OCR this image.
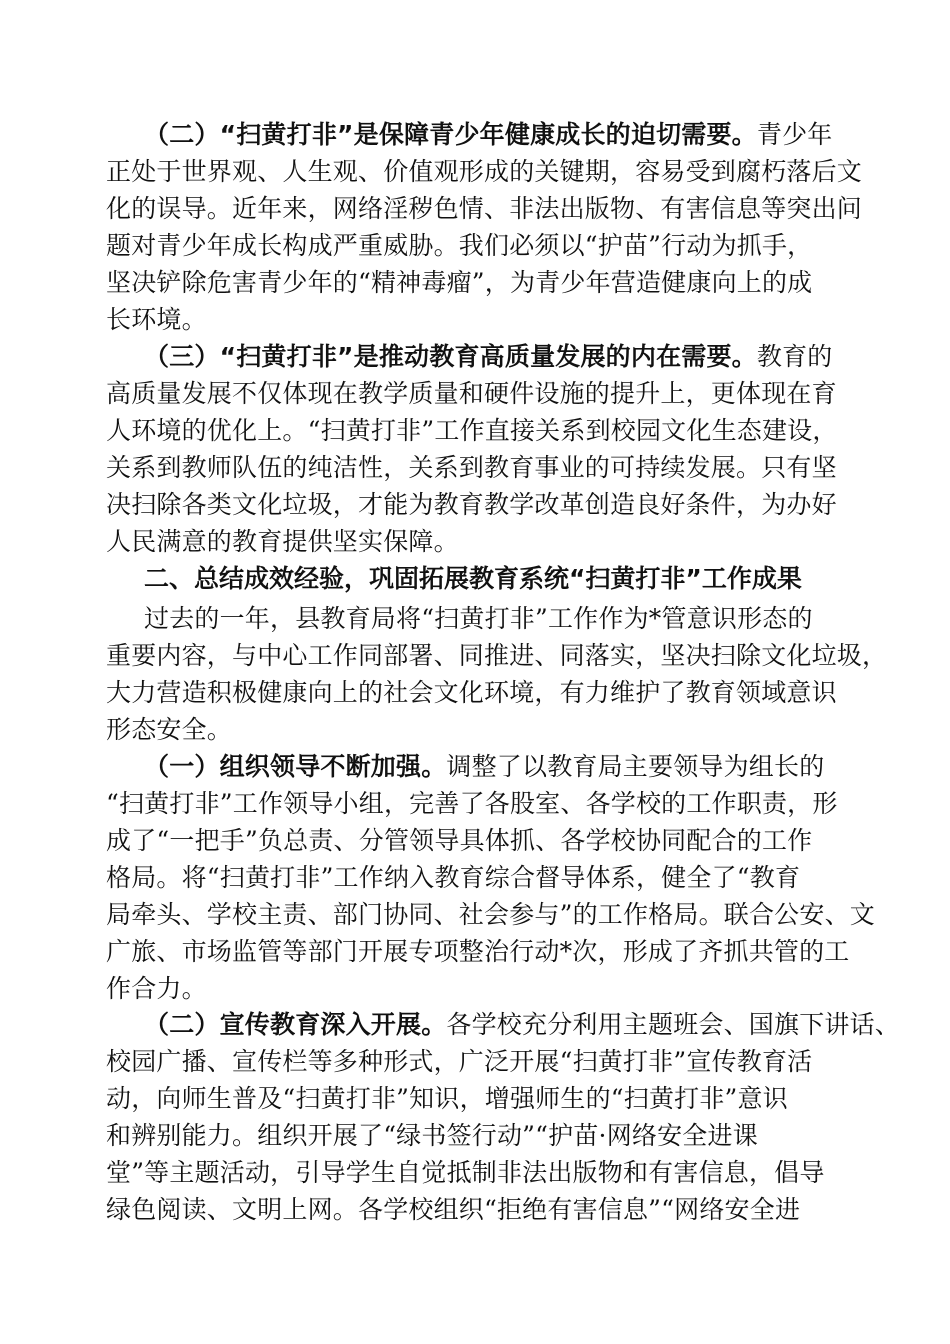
（二）“扫黄打非”是保障青少年健康成长的迫切需要。青少年
正处于世界观、人生观、价值观形成的关键期，容易受到腐朽落后文
化的误导。近年来，网络淫秽色情、非法出版物、有害信息等突出问
题对青少年成长构成严重威胁。我们必须以“护苗”行动为抓手，
坚决铲除危害青少年的“精神毒瘤”，为青少年营造健康向上的成
长环境。
（三）“扫黄打非”是推动教育高质量发展的内在需要。教育的
高质量发展不仅体现在教学质量和硬件设施的提升上，更体现在育
人环境的优化上。“扫黄打非”工作直接关系到校园文化生态建设，
关系到教师队伍的纯洁性，关系到教育事业的可持续发展。只有坚
决扫除各类文化垃圾，才能为教育教学改革创造良好条件，为办好
人民满意的教育提供坚实保障。
二、总结成效经验，巩固拓展教育系统“扫黄打非”工作成果
过去的一年，县教育局将“扫黄打非”工作作为*管意识形态的
重要内容，与中心工作同部署、同推进、同落实，坚决扫除文化垃圾，
大力营造积极健康向上的社会文化环境，有力维护了教育领域意识
形态安全。
（一）组织领导不断加强。调整了以教育局主要领导为组长的
“扫黄打非”工作领导小组，完善了各股室、各学校的工作职责，形
成了“一把手”负总责、分管领导具体抓、各学校协同配合的工作
格局。将“扫黄打非”工作纳入教育综合督导体系，健全了“教育
局牵头、学校主责、部门协同、社会参与”的工作格局。联合公安、文
广旅、市场监管等部门开展专项整治行动*次，形成了齐抓共管的工
作合力。
（二）宣传教育深入开展。各学校充分利用主题班会、国旗下讲话、
校园广播、宣传栏等多种形式，广泛开展“扫黄打非”宣传教育活
动，向师生普及“扫黄打非”知识，增强师生的“扫黄打非”意识
和辨别能力。组织开展了“绿书签行动”“护苗·网络安全进课
堂”等主题活动，引导学生自觉抵制非法出版物和有害信息，倡导
绿色阅读、文明上网。各学校组织“拒绝有害信息”“网络安全进
